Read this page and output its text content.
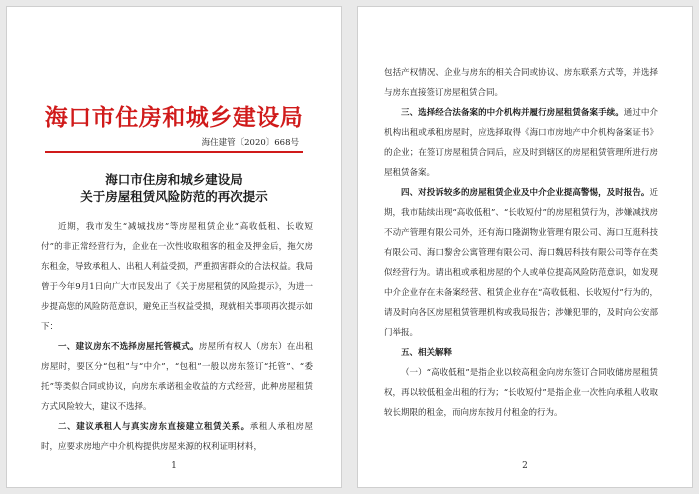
海口市住房和城乡建设局
海住建管〔2020〕668号
海口市住房和城乡建设局
关于房屋租赁风险防范的再次提示

近期，我市发生“减城找房”等房屋租赁企业“高收低租、长收短付”的非正常经营行为，企业在一次性收取租客的租金及押金后，拖欠房东租金，导致承租人、出租人利益受损，严重损害群众的合法权益。我局曾于今年9月1日向广大市民发出了《关于房屋租赁的风险提示》，为进一步提高您的风险防范意识，避免正当权益受损，现就相关事项再次提示如下：

一、建议房东不选择房屋托管模式。房屋所有权人（房东）在出租房屋时，要区分“包租”与“中介”，“包租”一般以房东签订“托管”、“委托”等类似合同或协议，向房东承诺租金收益的方式经营，此种房屋租赁方式风险较大，建议不选择。

二、建议承租人与真实房东直接建立租赁关系。承租人承租房屋时，应要求房地产中介机构提供房屋来源的权利证明材料，

1

包括产权情况、企业与房东的相关合同或协议、房东联系方式等，并选择与房东直接签订房屋租赁合同。

三、选择经合法备案的中介机构并履行房屋租赁备案手续。通过中介机构出租或承租房屋时，应选择取得《海口市房地产中介机构备案证书》的企业；在签订房屋租赁合同后，应及时到辖区的房屋租赁管理所进行房屋租赁备案。

四、对投诉较多的房屋租赁企业及中介企业提高警惕，及时报告。近期，我市陆续出现“高收低租”、“长收短付”的房屋租赁行为，涉嫌减找房不动产管理有限公司外，还有海口隆湖物业管理有限公司、海口互逛科技有限公司、海口黎舍公寓管理有限公司、海口魏居科技有限公司等存在类似经营行为。请出租或承租房屋的个人或单位提高风险防范意识，如发现中介企业存在未备案经营、租赁企业存在“高收低租、长收短付”行为的，请及时向各区房屋租赁管理机构或我局报告；涉嫌犯罪的，及时向公安部门举报。

五、相关解释

（一）“高收低租”是指企业以较高租金向房东签订合同收储房屋租赁权，再以较低租金出租的行为；“长收短付”是指企业一次性向承租人收取较长期限的租金，而向房东按月付租金的行为。

2
